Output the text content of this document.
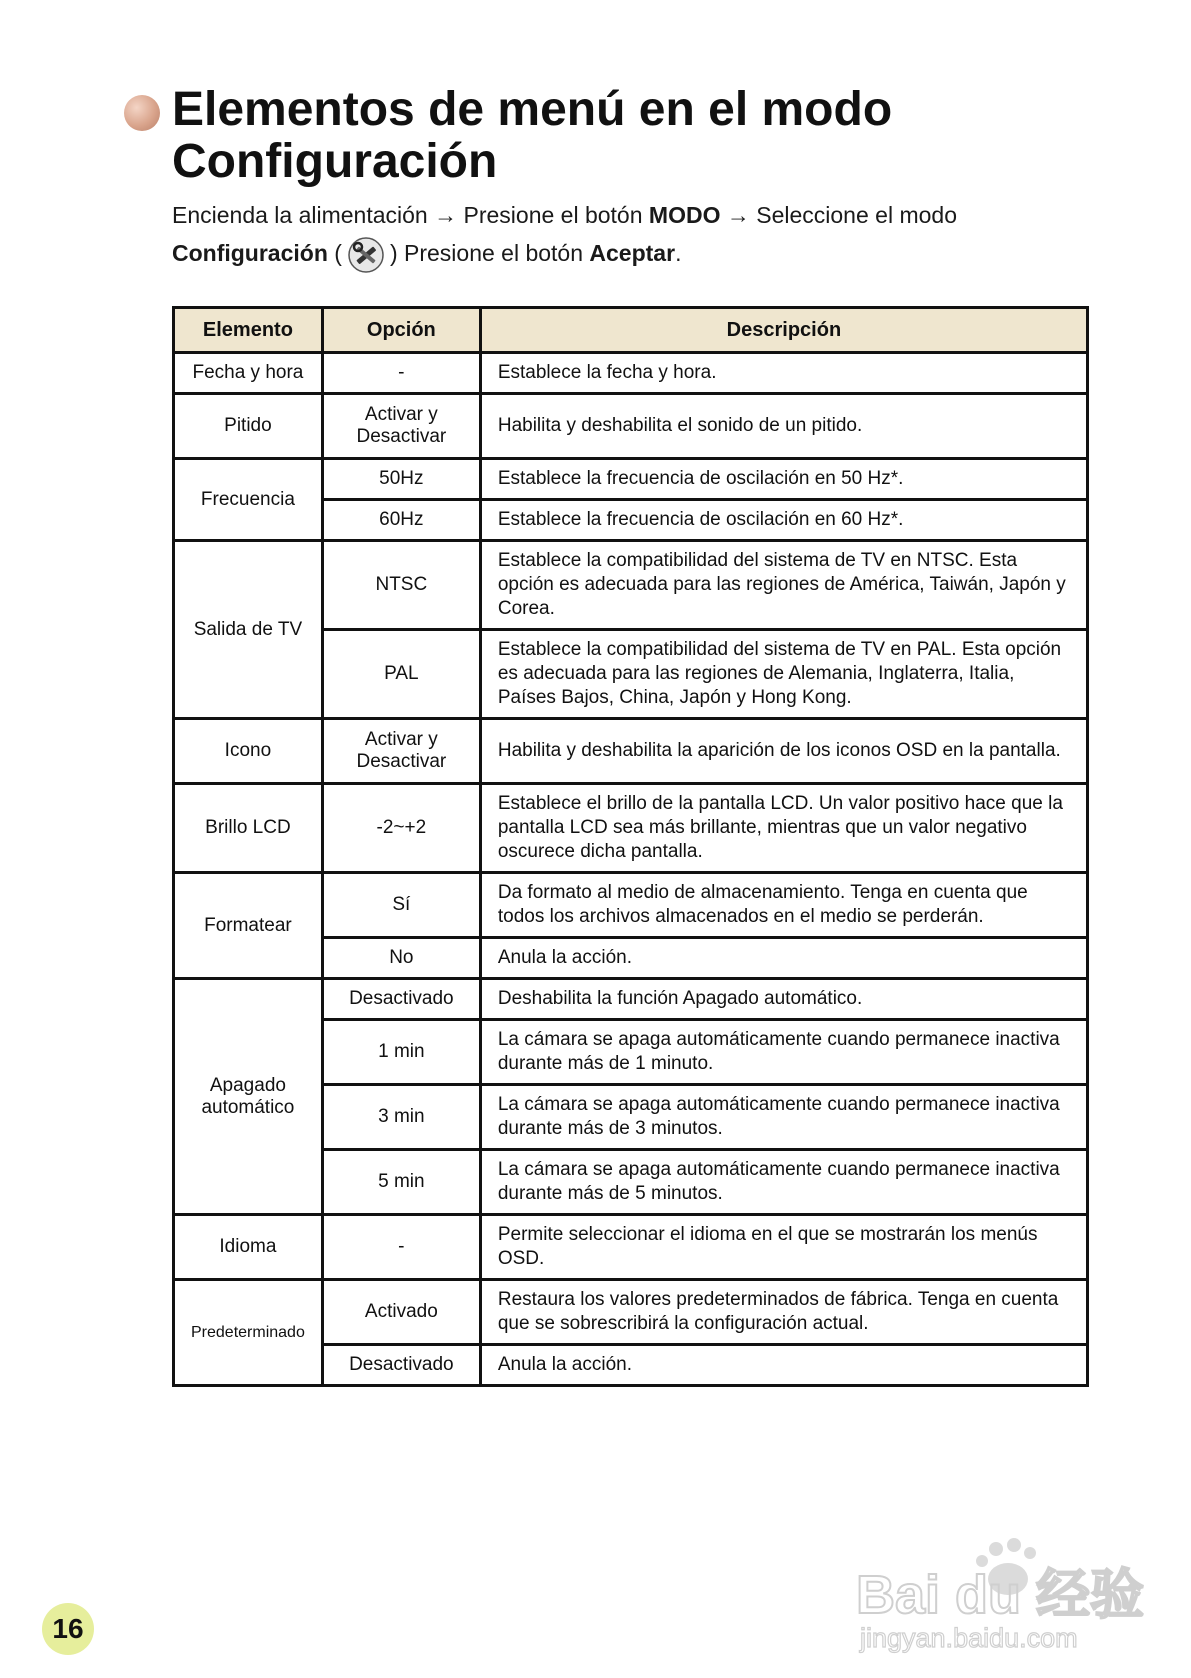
Elementos de menú en el modo
Configuración
Encienda la alimentación → Presione el botón MODO → Seleccione el modo
Configuración ( ) Presione el botón Aceptar.
Elemento	Opción	Descripción
Fecha y hora	-	Establece la fecha y hora.
Pitido	Activar y Desactivar	Habilita y deshabilita el sonido de un pitido.
Frecuencia	50Hz	Establece la frecuencia de oscilación en 50 Hz*.
	60Hz	Establece la frecuencia de oscilación en 60 Hz*.
Salida de TV	NTSC	Establece la compatibilidad del sistema de TV en NTSC. Esta opción es adecuada para las regiones de América, Taiwán, Japón y Corea.
	PAL	Establece la compatibilidad del sistema de TV en PAL. Esta opción es adecuada para las regiones de Alemania, Inglaterra, Italia, Países Bajos, China, Japón y Hong Kong.
Icono	Activar y Desactivar	Habilita y deshabilita la aparición de los iconos OSD en la pantalla.
Brillo LCD	-2~+2	Establece el brillo de la pantalla LCD. Un valor positivo hace que la pantalla LCD sea más brillante, mientras que un valor negativo oscurece dicha pantalla.
Formatear	Sí	Da formato al medio de almacenamiento. Tenga en cuenta que todos los archivos almacenados en el medio se perderán.
	No	Anula la acción.
Apagado automático	Desactivado	Deshabilita la función Apagado automático.
	1 min	La cámara se apaga automáticamente cuando permanece inactiva durante más de 1 minuto.
	3 min	La cámara se apaga automáticamente cuando permanece inactiva durante más de 3 minutos.
	5 min	La cámara se apaga automáticamente cuando permanece inactiva durante más de 5 minutos.
Idioma	-	Permite seleccionar el idioma en el que se mostrarán los menús OSD.
Predeterminado	Activado	Restaura los valores predeterminados de fábrica. Tenga en cuenta que se sobrescribirá la configuración actual.
	Desactivado	Anula la acción.
16
Bai du 经验
jingyan.baidu.com
